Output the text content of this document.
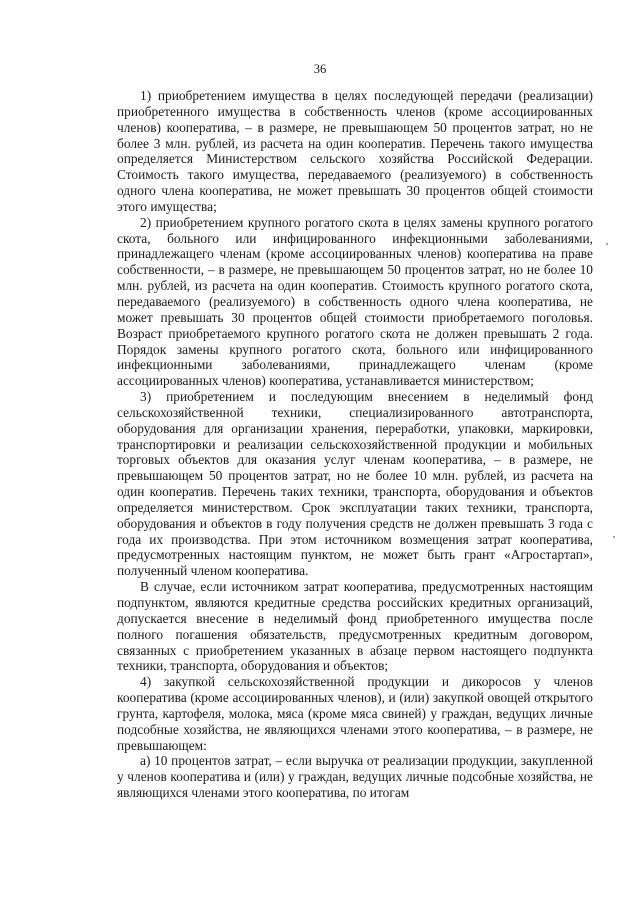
36

1) приобретением имущества в целях последующей передачи (реализации) приобретенного имущества в собственность членов (кроме ассоциированных членов) кооператива, – в размере, не превышающем 50 процентов затрат, но не более 3 млн. рублей, из расчета на один кооператив. Перечень такого имущества определяется Министерством сельского хозяйства Российской Федерации. Стоимость такого имущества, передаваемого (реализуемого) в собственность одного члена кооператива, не может превышать 30 процентов общей стоимости этого имущества;

2) приобретением крупного рогатого скота в целях замены крупного рогатого скота, больного или инфицированного инфекционными заболеваниями, принадлежащего членам (кроме ассоциированных членов) кооператива на праве собственности, – в размере, не превышающем 50 процентов затрат, но не более 10 млн. рублей, из расчета на один кооператив. Стоимость крупного рогатого скота, передаваемого (реализуемого) в собственность одного члена кооператива, не может превышать 30 процентов общей стоимости приобретаемого поголовья. Возраст приобретаемого крупного рогатого скота не должен превышать 2 года. Порядок замены крупного рогатого скота, больного или инфицированного инфекционными заболеваниями, принадлежащего членам (кроме ассоциированных членов) кооператива, устанавливается министерством;

3) приобретением и последующим внесением в неделимый фонд сельскохозяйственной техники, специализированного автотранспорта, оборудования для организации хранения, переработки, упаковки, маркировки, транспортировки и реализации сельскохозяйственной продукции и мобильных торговых объектов для оказания услуг членам кооператива, – в размере, не превышающем 50 процентов затрат, но не более 10 млн. рублей, из расчета на один кооператив. Перечень таких техники, транспорта, оборудования и объектов определяется министерством. Срок эксплуатации таких техники, транспорта, оборудования и объектов в году получения средств не должен превышать 3 года с года их производства. При этом источником возмещения затрат кооператива, предусмотренных настоящим пунктом, не может быть грант «Агростартап», полученный членом кооператива.

В случае, если источником затрат кооператива, предусмотренных настоящим подпунктом, являются кредитные средства российских кредитных организаций, допускается внесение в неделимый фонд приобретенного имущества после полного погашения обязательств, предусмотренных кредитным договором, связанных с приобретением указанных в абзаце первом настоящего подпункта техники, транспорта, оборудования и объектов;

4) закупкой сельскохозяйственной продукции и дикоросов у членов кооператива (кроме ассоциированных членов), и (или) закупкой овощей открытого грунта, картофеля, молока, мяса (кроме мяса свиней) у граждан, ведущих личные подсобные хозяйства, не являющихся членами этого кооператива, – в размере, не превышающем:

а) 10 процентов затрат, – если выручка от реализации продукции, закупленной у членов кооператива и (или) у граждан, ведущих личные подсобные хозяйства, не являющихся членами этого кооператива, по итогам
